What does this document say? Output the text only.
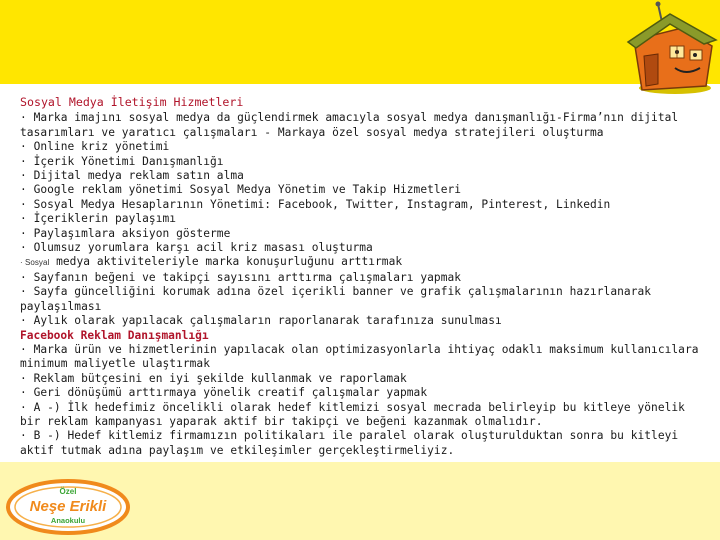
Sosyal Medya İletişim Hizmetleri

· Marka imajını sosyal medya da güçlendirmek amacıyla sosyal medya danışmanlığı-Firma’nın dijital tasarımları ve yaratıcı çalışmaları - Markaya özel sosyal medya stratejileri oluşturma

· Online kriz yönetimi

· İçerik Yönetimi Danışmanlığı

· Dijital medya reklam satın alma

· Google reklam yönetimi Sosyal Medya Yönetim ve Takip Hizmetleri

· Sosyal Medya Hesaplarının Yönetimi: Facebook, Twitter, Instagram, Pinterest, Linkedin

· İçeriklerin paylaşımı

· Paylaşımlara aksiyon gösterme

· Olumsuz yorumlara karşı acil kriz masası oluşturma

· Sosyal medya aktiviteleriyle marka konuşurluğunu arttırmak

· Sayfanın beğeni ve takipçi sayısını arttırma çalışmaları yapmak

· Sayfa güncelliğini korumak adına özel içerikli banner ve grafik çalışmalarının hazırlanarak paylaşılması

· Aylık olarak yapılacak çalışmaların raporlanarak tarafınıza sunulması

Facebook Reklam Danışmanlığı

· Marka ürün ve hizmetlerinin yapılacak olan optimizasyonlarla ihtiyaç odaklı maksimum kullanıcılara minimum maliyetle ulaştırmak

· Reklam bütçesini en iyi şekilde kullanmak ve raporlamak

· Geri dönüşümü arttırmaya yönelik creatif çalışmalar yapmak

· A -) İlk hedefimiz öncelikli olarak hedef kitlemizi sosyal mecrada belirleyip bu kitleye yönelik bir reklam kampanyası yaparak aktif bir takipçi ve beğeni kazanmak olmalıdır.

· B -) Hedef kitlemiz firmamızın politikaları ile paralel olarak oluşturulduktan sonra bu kitleyi aktif tutmak adına paylaşım ve etkileşimler gerçekleştirmeliyiz.

Özel
Neşe Erikli
Anaokulu
